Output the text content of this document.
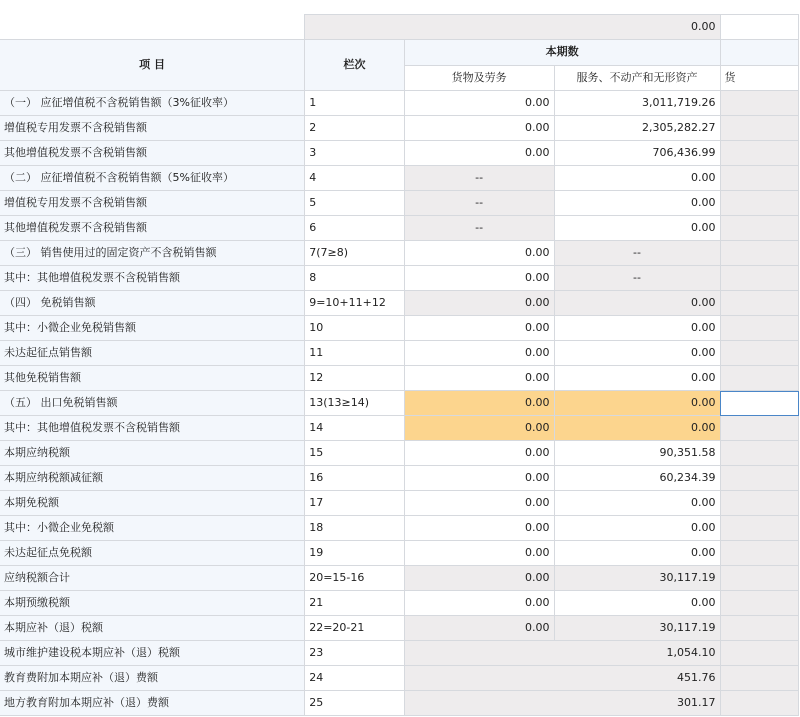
	0.00			
项 目	栏次	本期数		
		货物及劳务	服务、不动产和无形资产	货
（一） 应征增值税不含税销售额（3%征收率）	1	0.00	3,011,719.26	
增值税专用发票不含税销售额	2	0.00	2,305,282.27	
其他增值税发票不含税销售额	3	0.00	706,436.99	
（二） 应征增值税不含税销售额（5%征收率）	4	--	0.00	
增值税专用发票不含税销售额	5	--	0.00	
其他增值税发票不含税销售额	6	--	0.00	
（三） 销售使用过的固定资产不含税销售额	7(7≥8)	0.00	--	
其中：其他增值税发票不含税销售额	8	0.00	--	
（四） 免税销售额	9=10+11+12	0.00	0.00	
其中：小微企业免税销售额	10	0.00	0.00	
未达起征点销售额	11	0.00	0.00	
其他免税销售额	12	0.00	0.00	
（五） 出口免税销售额	13(13≥14)	0.00	0.00	
其中：其他增值税发票不含税销售额	14	0.00	0.00	
本期应纳税额	15	0.00	90,351.58	
本期应纳税额减征额	16	0.00	60,234.39	
本期免税额	17	0.00	0.00	
其中：小微企业免税额	18	0.00	0.00	
未达起征点免税额	19	0.00	0.00	
应纳税额合计	20=15-16	0.00	30,117.19	
本期预缴税额	21	0.00	0.00	
本期应补（退）税额	22=20-21	0.00	30,117.19	
城市维护建设税本期应补（退）税额	23	1,054.10		
教育费附加本期应补（退）费额	24	451.76		
地方教育附加本期应补（退）费额	25	301.17		
